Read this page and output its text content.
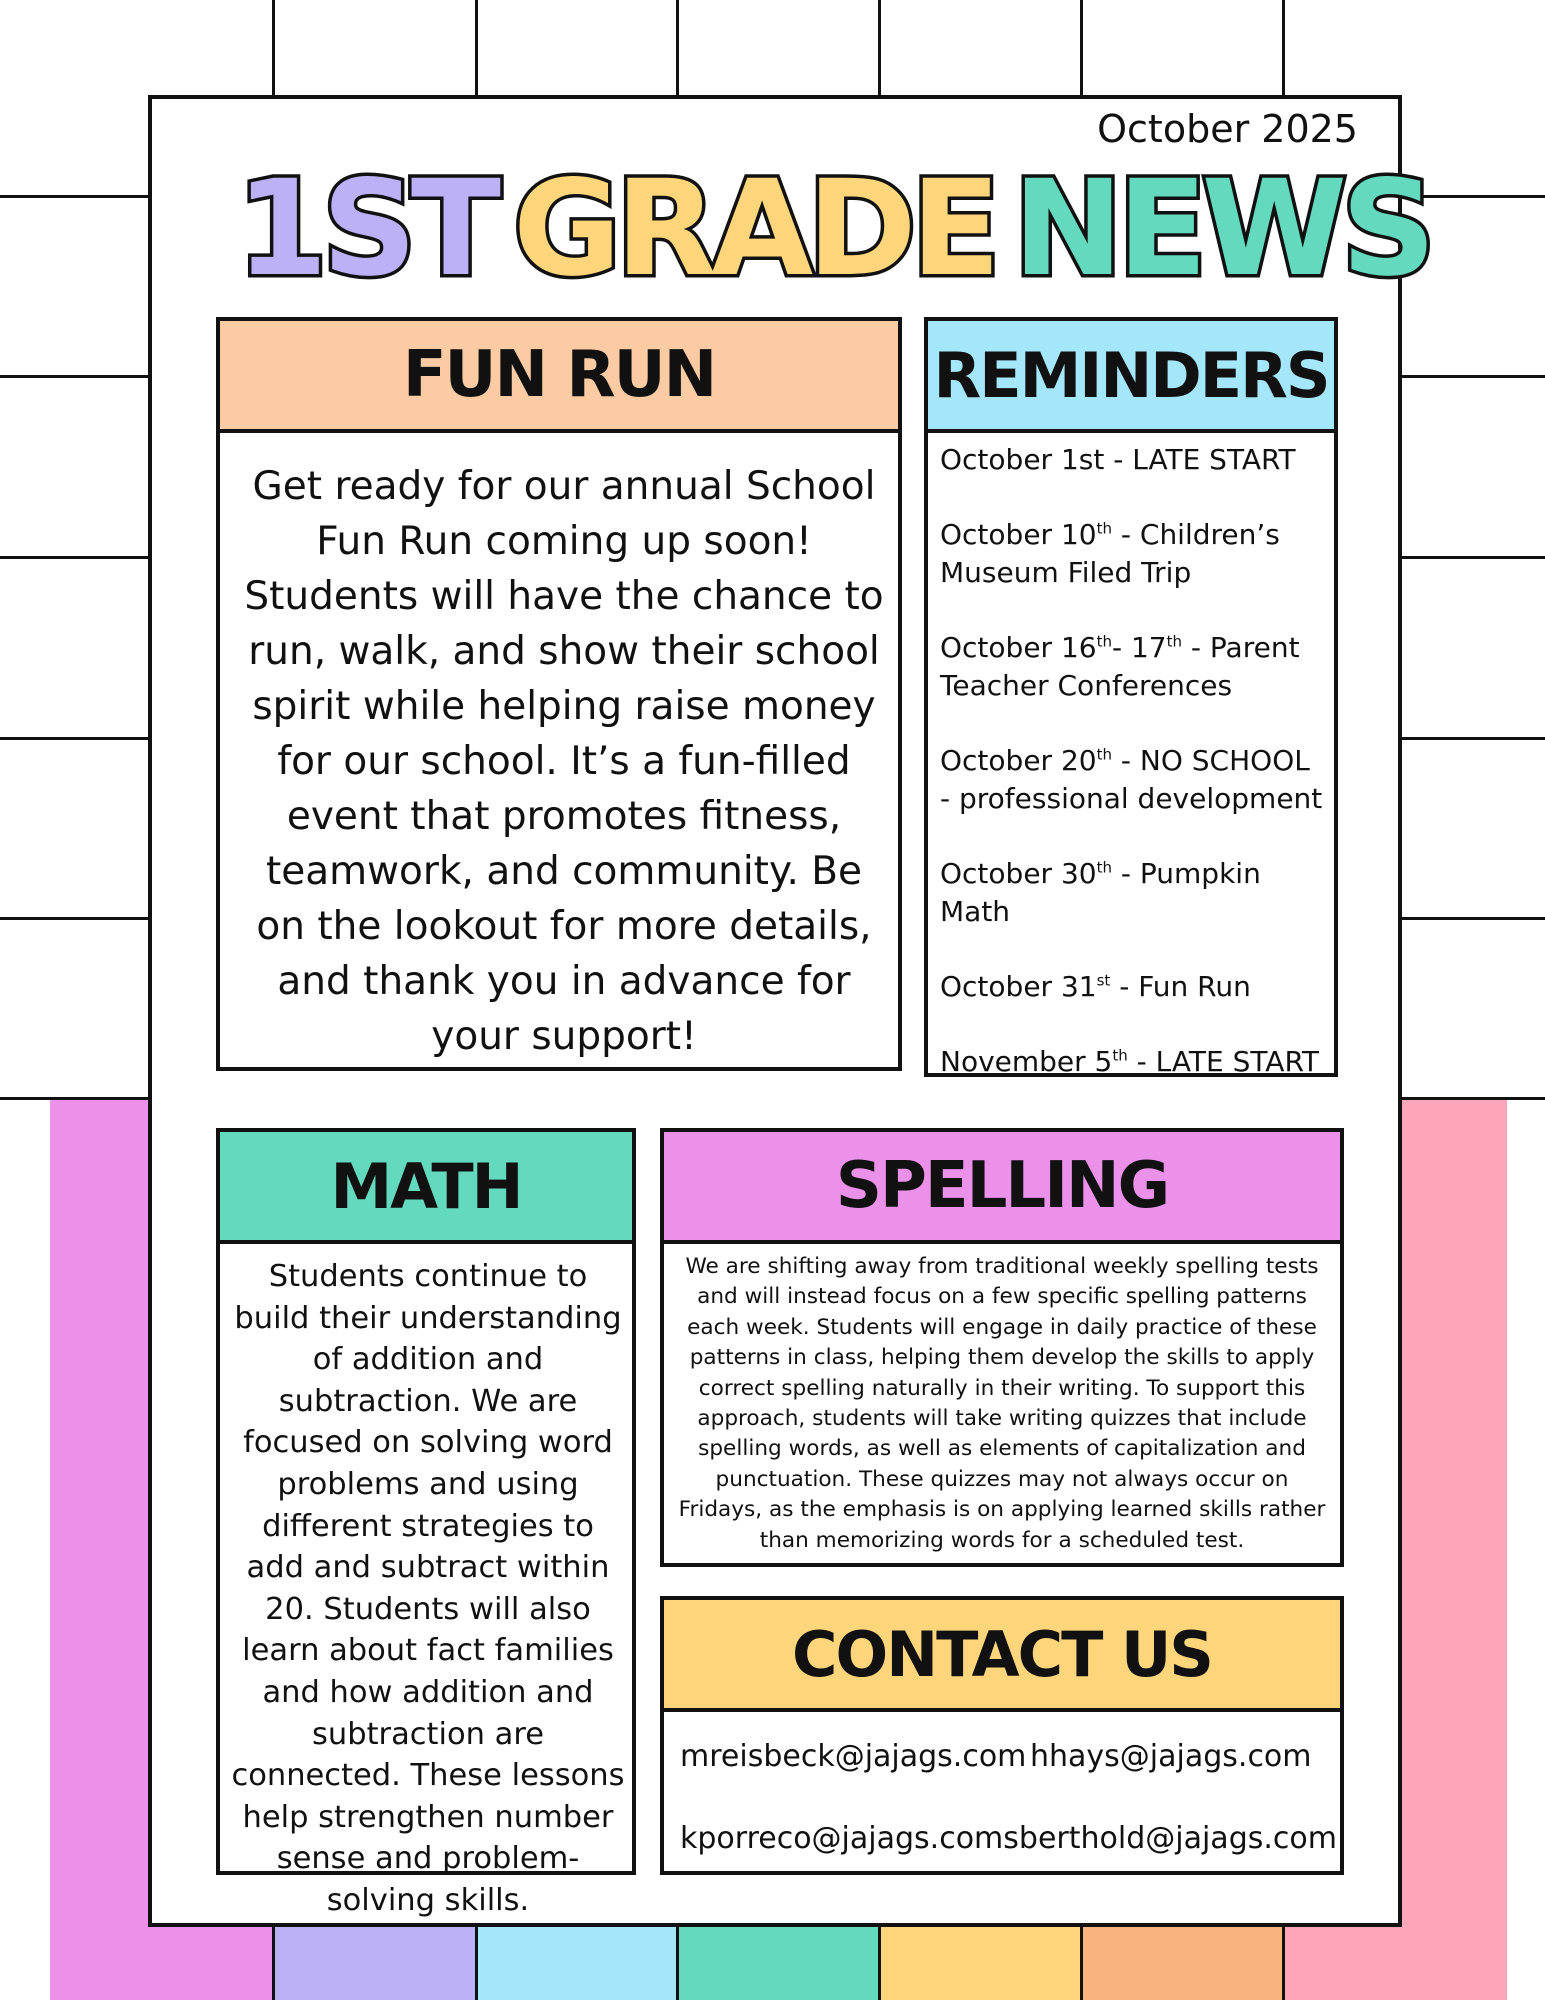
October 2025
1ST GRADE NEWS
FUN RUN
Get ready for our annual School Fun Run coming up soon! Students will have the chance to run, walk, and show their school spirit while helping raise money for our school. It’s a fun-filled event that promotes fitness, teamwork, and community. Be on the lookout for more details, and thank you in advance for your support!
REMINDERS
October 1st - LATE START
October 10th - Children’s Museum Filed Trip
October 16th- 17th - Parent Teacher Conferences
October 20th - NO SCHOOL - professional development
October 30th - Pumpkin Math
October 31st - Fun Run
November 5th - LATE START
MATH
Students continue to build their understanding of addition and subtraction. We are focused on solving word problems and using different strategies to add and subtract within 20. Students will also learn about fact families and how addition and subtraction are connected. These lessons help strengthen number sense and problem-solving skills.
SPELLING
We are shifting away from traditional weekly spelling tests and will instead focus on a few specific spelling patterns each week. Students will engage in daily practice of these patterns in class, helping them develop the skills to apply correct spelling naturally in their writing. To support this approach, students will take writing quizzes that include spelling words, as well as elements of capitalization and punctuation. These quizzes may not always occur on Fridays, as the emphasis is on applying learned skills rather than memorizing words for a scheduled test.
CONTACT US
mreisbeck@jajags.com hhays@jajags.com
kporreco@jajags.com sberthold@jajags.com
